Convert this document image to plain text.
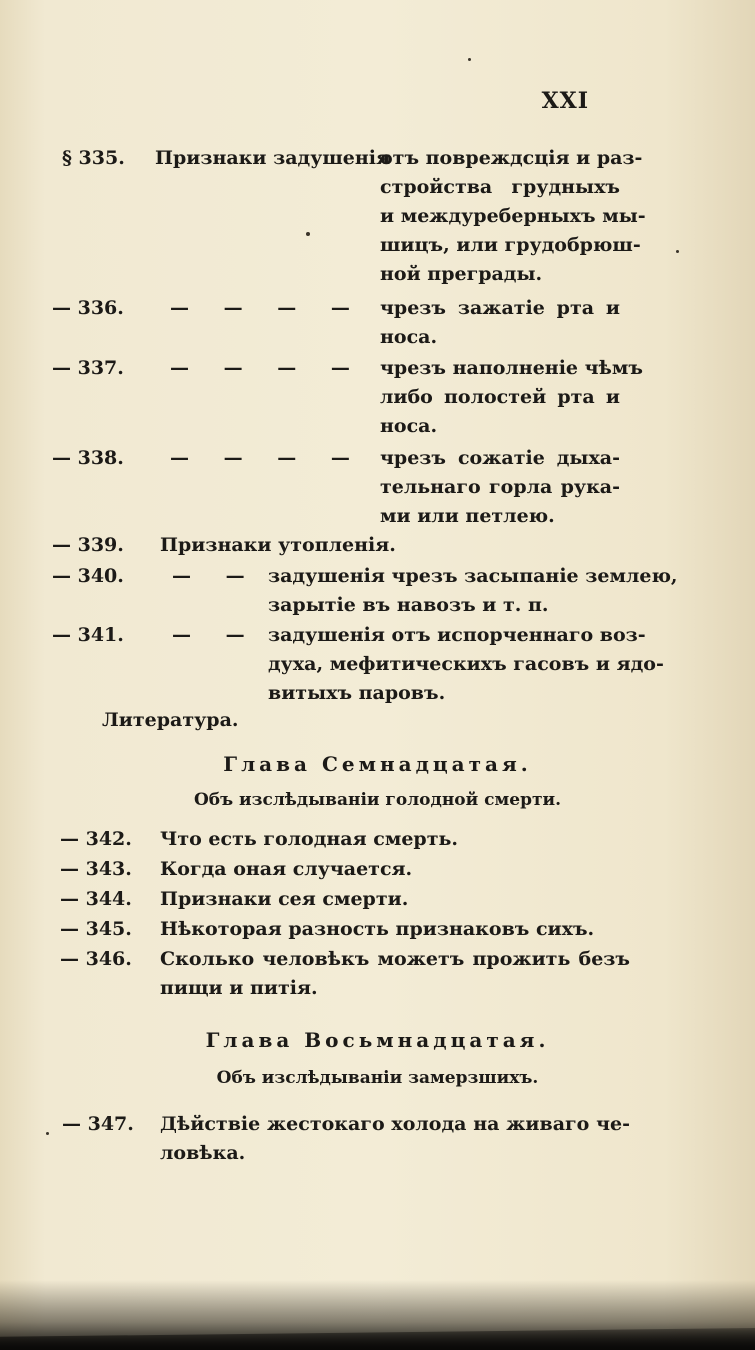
XXI
§ 335. Признаки задушенія
отъ повреждсція и раз-
стройства грудныхъ
и междуреберныхъ мы-
шицъ, или грудобрюш-
ной преграды.
— 336. — — — — чрезъ зажатіе рта и
носа.
— 337. — — — — чрезъ наполненіе чѣмъ
либо полостей рта и
носа.
— 338. — — — — чрезъ сожатіе дыха-
тельнаго горла рука-
ми или петлею.
— 339. Признаки утопленія.
— 340.	— — задушенія чрезъ засыпаніе землею,
зарытіе въ навозъ и т. п.
— 341.	— — задушенія отъ испорченнаго воз-
духа, мефитическихъ гасовъ и ядо-
витыхъ паровъ.
Литература.
Глава Семнадцатая.
Объ изслѣдываніи голодной смерти.
— 342. Что есть голодная смерть.
— 343. Когда оная случается.
— 344. Признаки сея смерти.
— 345. Нѣкоторая разность признаковъ сихъ.
— 346. Сколько человѣкъ можетъ прожить безъ
пищи и питія.
Глава Восьмнадцатая.
Объ изслѣдываніи замерзшихъ.
— 347. Дѣйствіе жестокаго холода на живаго че-
ловѣка.
